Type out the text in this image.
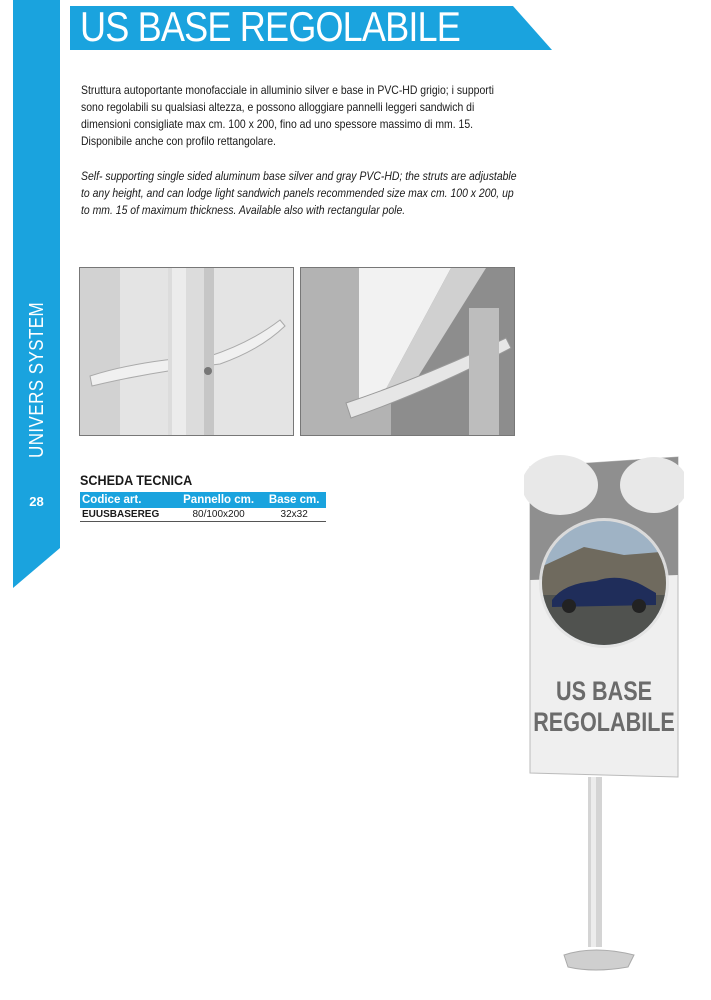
US BASE REGOLABILE
UNIVERS SYSTEM
28
Struttura autoportante monofacciale in alluminio silver e base in PVC-HD grigio; i supporti sono regolabili su qualsiasi altezza, e possono alloggiare pannelli leggeri sandwich di dimensioni consigliate max cm. 100 x 200, fino ad uno spessore massimo di mm. 15. Disponibile anche con profilo rettangolare.
Self- supporting single sided aluminum base silver and gray PVC-HD; the struts are adjustable to any height, and can lodge light sandwich panels recommended size max cm. 100 x 200, up to mm. 15 of maximum thickness. Available also with rectangular pole.
SCHEDA TECNICA
Codice art.	Pannello cm.	Base cm.
EUUSBASEREG	80/100x200	32x32
US BASE
REGOLABILE
